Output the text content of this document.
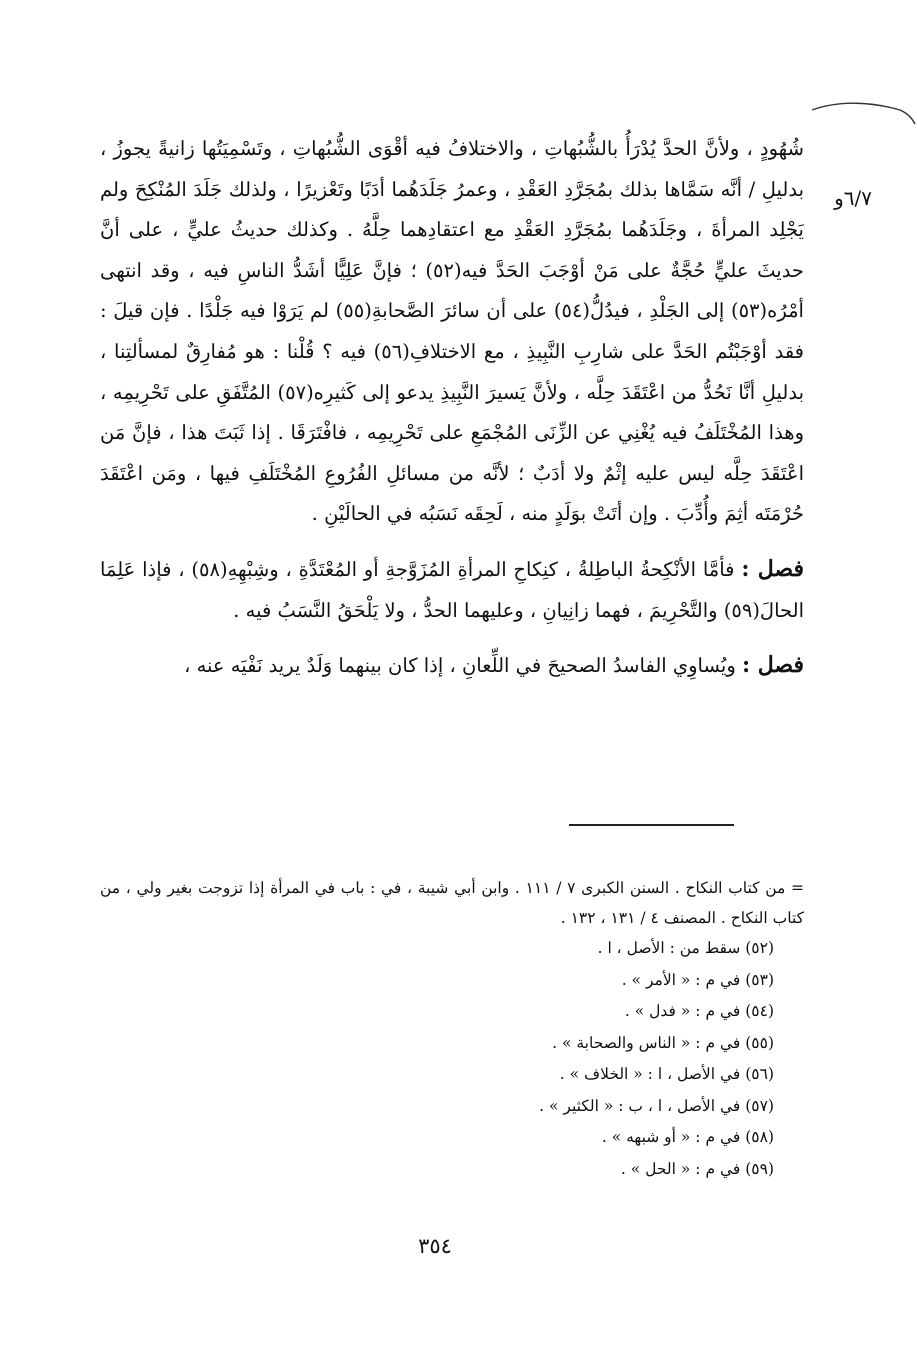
٦/٧و

شُهُودٍ ، ولأنَّ الحدَّ يُدْرَأُ بالشُّبُهاتِ ، والاختلافُ فيه أقْوَى الشُّبُهاتِ ، وتَسْمِيَتُها زانيةً يجوزُ ، بدليلِ / أنَّه سَمَّاها بذلك بمُجَرَّدِ العَقْدِ ، وعمرُ جَلَدَهُما أدَبًا وتَعْزيرًا ، ولذلك جَلَدَ المُنْكِحَ ولم يَجْلِد المرأةَ ، وجَلَدَهُما بمُجَرَّدِ العَقْدِ مع اعتقادِهما حِلَّهُ . وكذلك حديثُ عليٍّ ، على أنَّ حديثَ عليٍّ حُجَّةٌ على مَنْ أوْجَبَ الحَدَّ فيه(٥٢) ؛ فإنَّ عَلِيًّا أشَدُّ الناسِ فيه ، وقد انتهى أمْرُه(٥٣) إلى الجَلْدِ ، فيدُلُّ(٥٤) على أن سائرَ الصَّحابةِ(٥٥) لم يَرَوْا فيه جَلْدًا . فإن قيلَ : فقد أوْجَبْتُم الحَدَّ على شارِبِ النَّبِيذِ ، مع الاختلافِ(٥٦) فيه ؟ قُلْنا : هو مُفارِقٌ لمسألتِنا ، بدليلِ أنَّا نَحُدُّ من اعْتَقَدَ حِلَّه ، ولأنَّ يَسيرَ النَّبِيذِ يدعو إلى كَثيرِه(٥٧) المُتَّفَقِ على تَحْرِيمِه ، وهذا المُخْتَلَفُ فيه يُغْنِي عن الزِّنَى المُجْمَعِ على تَحْرِيمِه ، فافْتَرَقَا . إذا ثَبَتَ هذا ، فإنَّ مَن اعْتَقَدَ حِلَّه ليس عليه إثْمٌ ولا أدَبٌ ؛ لأنَّه من مسائلِ الفُرُوعِ المُخْتَلَفِ فيها ، ومَن اعْتَقَدَ حُرْمَتَه أثِمَ وأُدِّبَ . وإن أتَتْ بوَلَدٍ منه ، لَحِقَه نَسَبُه في الحالَيْنِ .

فصل : فأمَّا الأنْكِحةُ الباطِلةُ ، كنِكاحِ المرأةِ المُزَوَّجةِ أو المُعْتَدَّةِ ، وشِبْهِهِ(٥٨) ، فإذا عَلِمَا الحالَ(٥٩) والتَّحْرِيمَ ، فهما زانِيانِ ، وعليهما الحدُّ ، ولا يَلْحَقُ النَّسَبُ فيه .

فصل : ويُساوِي الفاسدُ الصحيحَ في اللِّعانِ ، إذا كان بينهما وَلَدٌ يريد نَفْيَه عنه ،

= من كتاب النكاح . السنن الكبرى ٧ / ١١١ . وابن أبي شيبة ، في : باب في المرأة إذا تزوجت بغير ولي ، من كتاب النكاح . المصنف ٤ / ١٣١ ، ١٣٢ .

(٥٢) سقط من : الأصل ، ا .

(٥٣) في م : « الأمر » .

(٥٤) في م : « فدل » .

(٥٥) في م : « الناس والصحابة » .

(٥٦) في الأصل ، ا : « الخلاف » .

(٥٧) في الأصل ، ا ، ب : « الكثير » .

(٥٨) في م : « أو شبهه » .

(٥٩) في م : « الحل » .

٣٥٤
